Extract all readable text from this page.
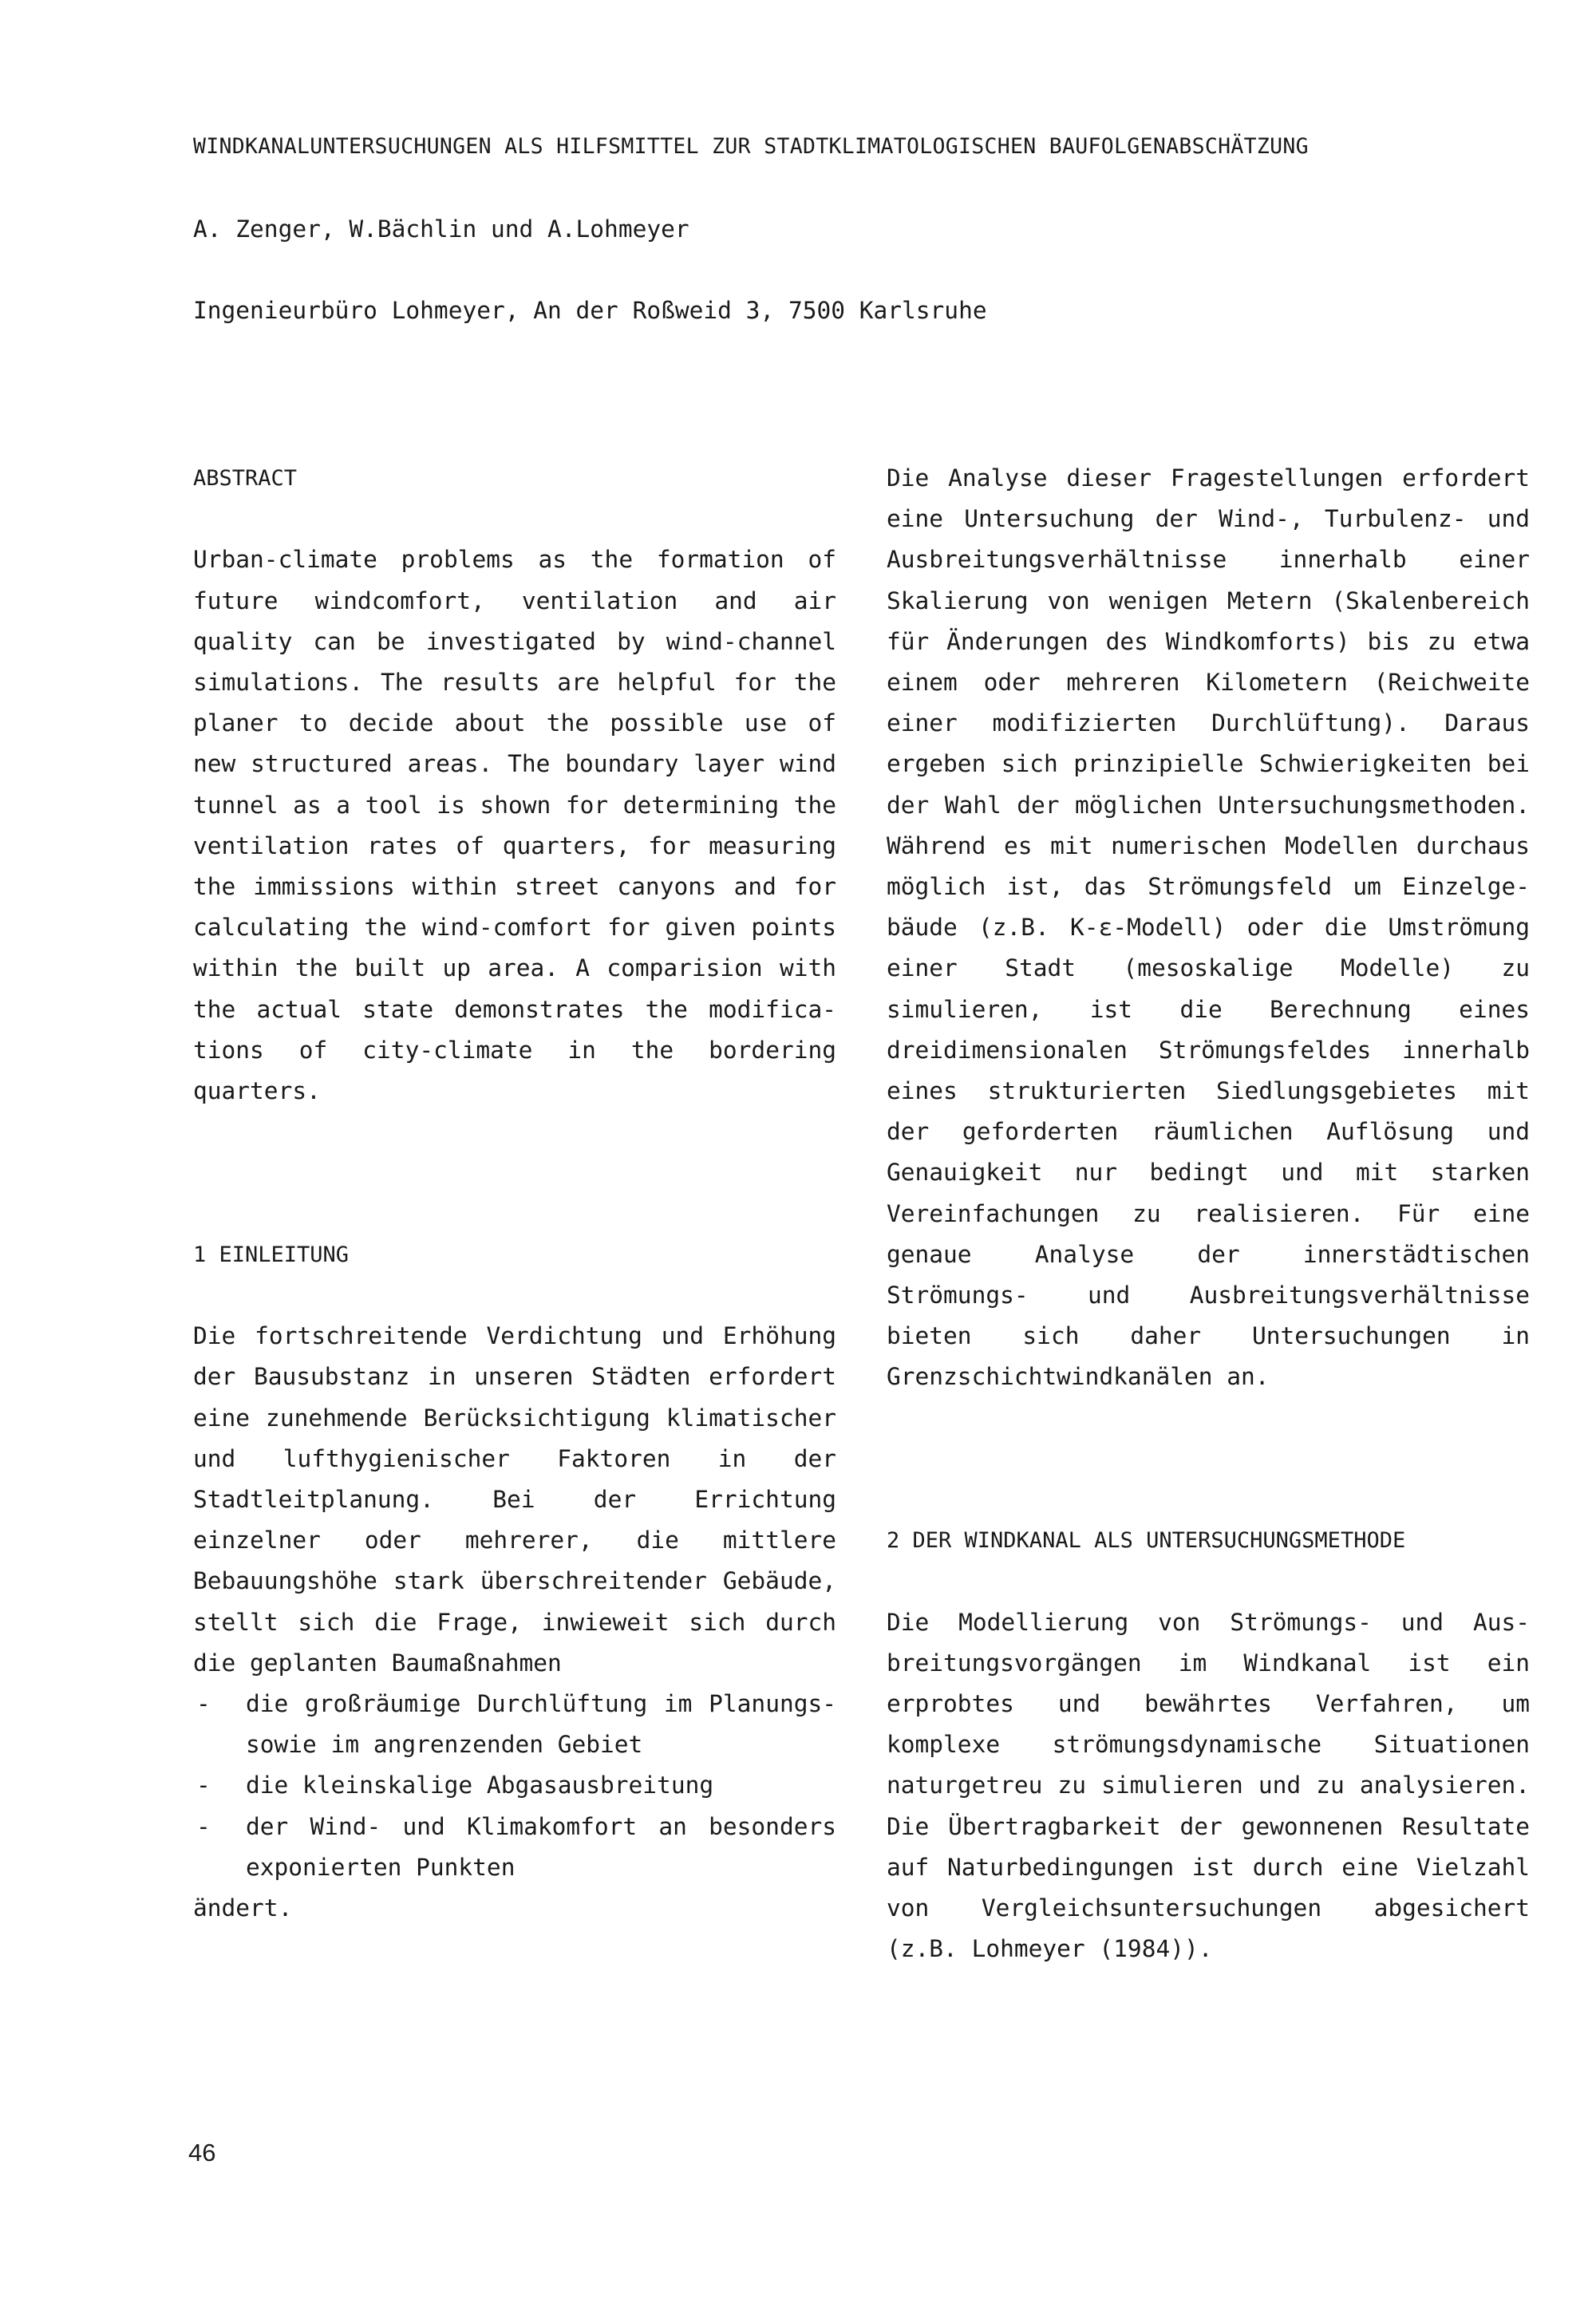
WINDKANALUNTERSUCHUNGEN ALS HILFSMITTEL ZUR STADTKLIMATOLOGISCHEN BAUFOLGENABSCHÄTZUNG
A. Zenger, W.Bächlin und A.Lohmeyer
Ingenieurbüro Lohmeyer, An der Roßweid 3, 7500 Karlsruhe
ABSTRACT
Urban-climate problems as the formation of future windcomfort, ventilation and air quality can be investigated by wind-channel simulations. The results are helpful for the planer to decide about the possible use of new structured areas. The boundary layer wind tunnel as a tool is shown for determining the ventilation rates of quarters, for measuring the immissions within street canyons and for calculating the wind-comfort for given points within the built up area. A comparision with the actual state demonstrates the modifications of city-climate in the bordering quarters.
1 EINLEITUNG
Die fortschreitende Verdichtung und Erhöhung der Bausubstanz in unseren Städten erfordert eine zunehmende Berücksichtigung klimatischer und lufthygienischer Faktoren in der Stadtleitplanung. Bei der Errichtung einzelner oder mehrerer, die mittlere Bebauungshöhe stark überschreitender Gebäude, stellt sich die Frage, inwieweit sich durch die geplanten Baumaßnahmen
- die großräumige Durchlüftung im Planungs- sowie im angrenzenden Gebiet
- die kleinskalige Abgasausbreitung
- der Wind- und Klimakomfort an besonders exponierten Punkten
ändert.
Die Analyse dieser Fragestellungen erfordert eine Untersuchung der Wind-, Turbulenz- und Ausbreitungsverhältnisse innerhalb einer Skalierung von wenigen Metern (Skalenbereich für Änderungen des Windkomforts) bis zu etwa einem oder mehreren Kilometern (Reichweite einer modifizierten Durchlüftung). Daraus ergeben sich prinzipielle Schwierigkeiten bei der Wahl der möglichen Untersuchungsmethoden. Während es mit numerischen Modellen durchaus möglich ist, das Strömungsfeld um Einzelgebäude (z.B. K-ε-Modell) oder die Umströmung einer Stadt (mesoskalige Modelle) zu simulieren, ist die Berechnung eines dreidimensionalen Strömungsfeldes innerhalb eines strukturierten Siedlungsgebietes mit der geforderten räumlichen Auflösung und Genauigkeit nur bedingt und mit starken Vereinfachungen zu realisieren. Für eine genaue Analyse der innerstädtischen Strömungs- und Ausbreitungsverhältnisse bieten sich daher Untersuchungen in Grenzschichtwindkanälen an.
2 DER WINDKANAL ALS UNTERSUCHUNGSMETHODE
Die Modellierung von Strömungs- und Ausbreitungsvorgängen im Windkanal ist ein erprobtes und bewährtes Verfahren, um komplexe strömungsdynamische Situationen naturgetreu zu simulieren und zu analysieren. Die Übertragbarkeit der gewonnenen Resultate auf Naturbedingungen ist durch eine Vielzahl von Vergleichsuntersuchungen abgesichert (z.B. Lohmeyer (1984)).
46
